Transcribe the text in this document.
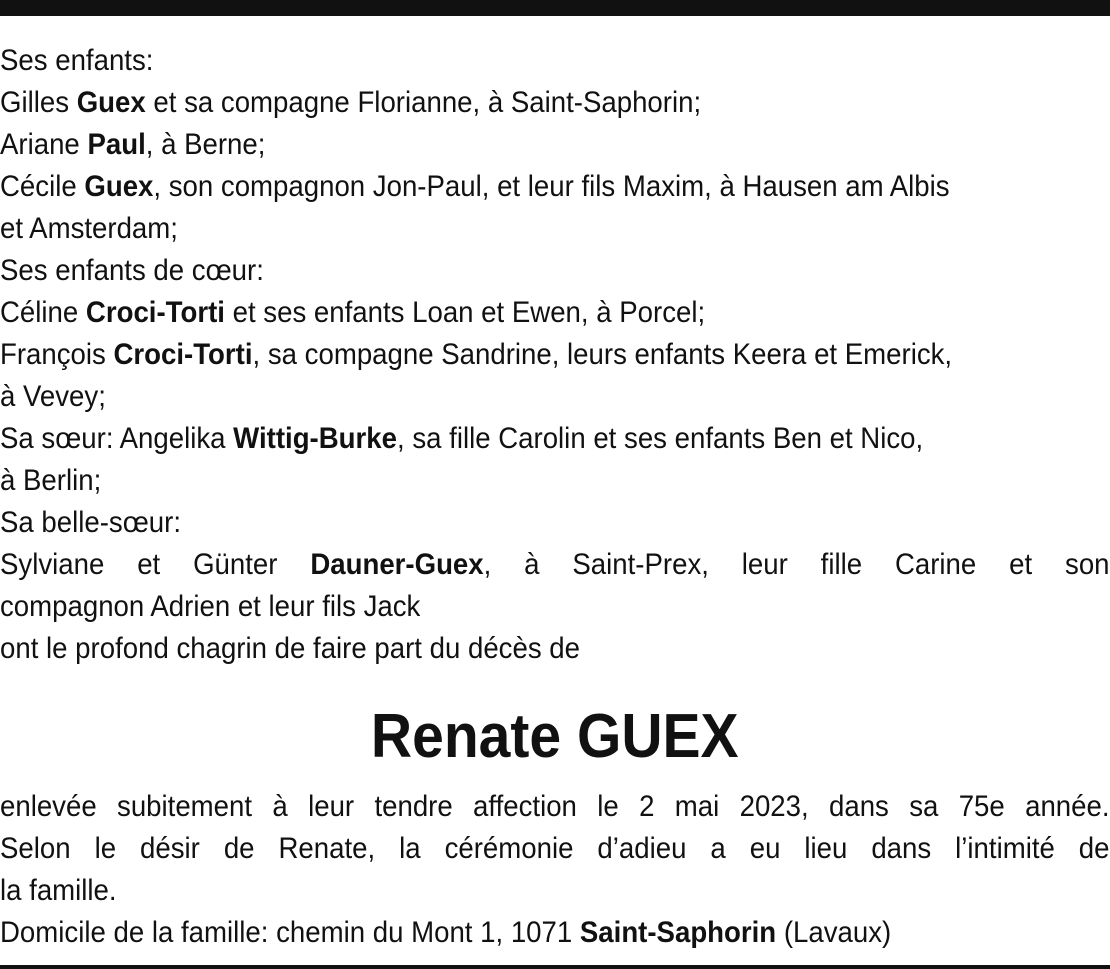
Ses enfants:
Gilles Guex et sa compagne Florianne, à Saint-Saphorin;
Ariane Paul, à Berne;
Cécile Guex, son compagnon Jon-Paul, et leur fils Maxim, à Hausen am Albis
et Amsterdam;
Ses enfants de cœur:
Céline Croci-Torti et ses enfants Loan et Ewen, à Porcel;
François Croci-Torti, sa compagne Sandrine, leurs enfants Keera et Emerick,
à Vevey;
Sa sœur: Angelika Wittig-Burke, sa fille Carolin et ses enfants Ben et Nico,
à Berlin;
Sa belle-sœur:
Sylviane et Günter Dauner-Guex, à Saint-Prex, leur fille Carine et son
compagnon Adrien et leur fils Jack
ont le profond chagrin de faire part du décès de
Renate GUEX
enlevée subitement à leur tendre affection le 2 mai 2023, dans sa 75e année.
Selon le désir de Renate, la cérémonie d’adieu a eu lieu dans l’intimité de
la famille.
Domicile de la famille: chemin du Mont 1, 1071 Saint-Saphorin (Lavaux)
